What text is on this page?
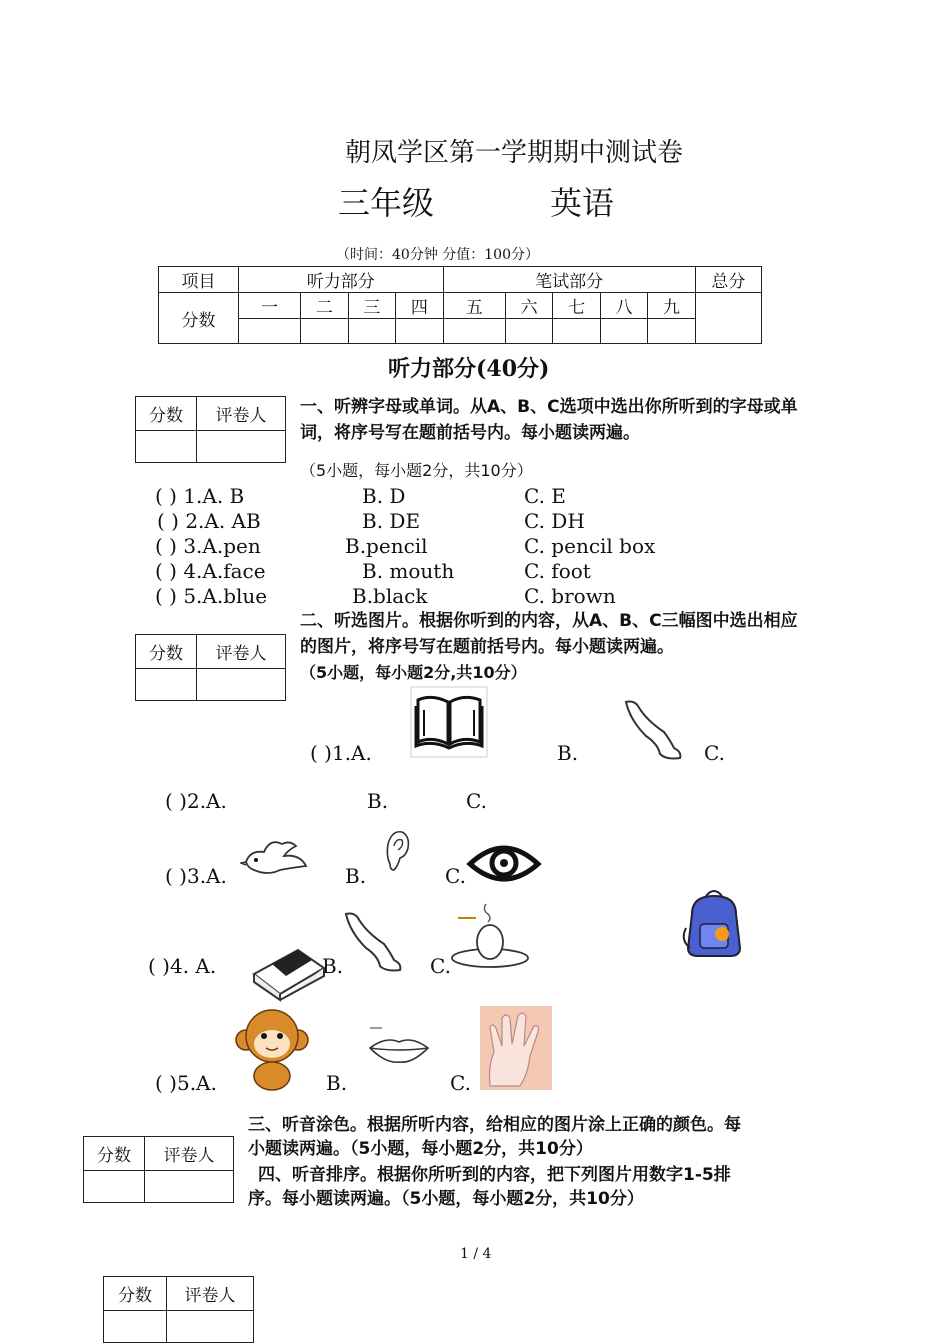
朝凤学区第一学期期中测试卷
三年级	英语
（时间：40分钟 分值：100分）
项目	听力部分				笔试部分					总分
分数	一	二	三	四	五	六	七	八	九	

听力部分(40分)
分数	评卷人
	一、听辨字母或单词。从A、B、C选项中选出你所听到的字母或单词，将序号写在题前括号内。每小题读两遍。
（5小题，每小题2分，共10分）
( ) 1.A. B	B. D	C. E
( ) 2.A. AB	B. DE	C. DH
( ) 3.A.pen	B.pencil	C. pencil box
( ) 4.A.face	B. mouth	C. foot
( ) 5.A.blue	B.black	C. brown
二、听选图片。根据你听到的内容，从A、B、C三幅图中选出相应的图片，将序号写在题前括号内。每小题读两遍。
（5小题，每小题2分,共10分）
分数	评卷人

( )1.A.	B.	C.
( )2.A.	B.	C.
( )3.A.	B.	C.
( )4. A.	B.	C.
( )5.A.	B.	C.
三、听音涂色。根据所听内容，给相应的图片涂上正确的颜色。每
小题读两遍。（5小题，每小题2分，共10分）
四、听音排序。根据你所听到的内容，把下列图片用数字1-5排
序。每小题读两遍。（5小题，每小题2分，共10分）
分数	评卷人

1 / 4
分数	评卷人
